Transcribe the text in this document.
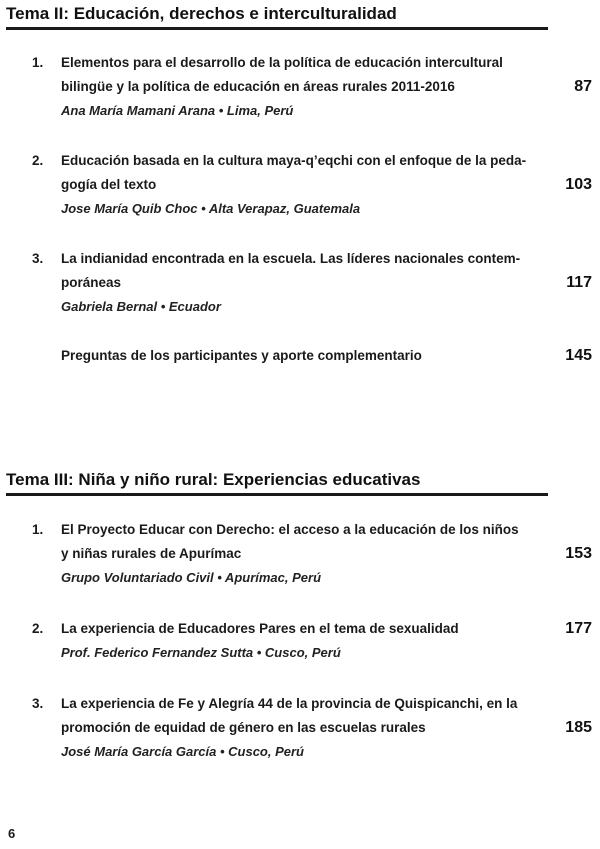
Tema II: Educación, derechos e interculturalidad
1.	Elementos para el desarrollo de la política de educación intercultural
bilingüe y la política de educación en áreas rurales 2011-2016
Ana María Mamani Arana • Lima, Perú
87
2.	Educación basada en la cultura maya-q’eqchi con el enfoque de la peda-
gogía del texto
Jose María Quib Choc • Alta Verapaz, Guatemala
103
3.	La indianidad encontrada en la escuela. Las líderes nacionales contem-
poráneas
Gabriela Bernal • Ecuador
117
Preguntas de los participantes y aporte complementario	145
Tema III: Niña y niño rural: Experiencias educativas
1.	El Proyecto Educar con Derecho: el acceso a la educación de los niños
y niñas rurales de Apurímac
Grupo Voluntariado Civil • Apurímac, Perú
153
2.	La experiencia de Educadores Pares en el tema de sexualidad
Prof. Federico Fernandez Sutta • Cusco, Perú
177
3.	La experiencia de Fe y Alegría 44 de la provincia de Quispicanchi, en la
promoción de equidad de género en las escuelas rurales
José María García García • Cusco, Perú
185
6
